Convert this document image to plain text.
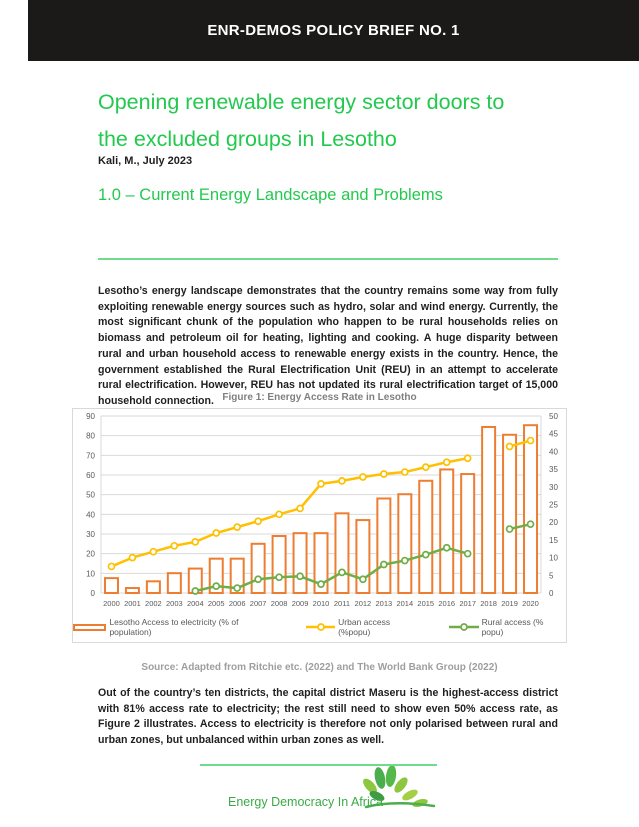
ENR-DEMOS POLICY BRIEF NO. 1
Opening renewable energy sector doors to
the excluded groups in Lesotho
Kali, M., July 2023
1.0 – Current Energy Landscape and Problems
Lesotho’s energy landscape demonstrates that the country remains some way from fully exploiting renewable energy sources such as hydro, solar and wind energy. Currently, the most significant chunk of the population who happen to be rural households relies on biomass and petroleum oil for heating, lighting and cooking. A huge disparity between rural and urban household access to renewable energy exists in the country. Hence, the government established the Rural Electrification Unit (REU) in an attempt to accelerate rural electrification. However, REU has not updated its rural electrification target of 15,000 household connection. Figure 1: Energy Access Rate in Lesotho
0
10
20
30
40
50
60
70
80
90
0
5
10
15
20
25
30
35
40
45
50
2000 2001 2002 2003 2004 2005 2006 2007 2008 2009 2010 2011 2012 2013 2014 2015 2016 2017 2018 2019 2020
Lesotho Access to electricity (% of population)
Urban access (%popu)
Rural access (% popu)
Source: Adapted from Ritchie etc. (2022) and The World Bank Group (2022)
Out of the country’s ten districts, the capital district Maseru is the highest-access district with 81% access rate to electricity; the rest still need to show even 50% access rate, as Figure 2 illustrates. Access to electricity is therefore not only polarised between rural and urban zones, but unbalanced within urban zones as well.
Energy Democracy In Africa
